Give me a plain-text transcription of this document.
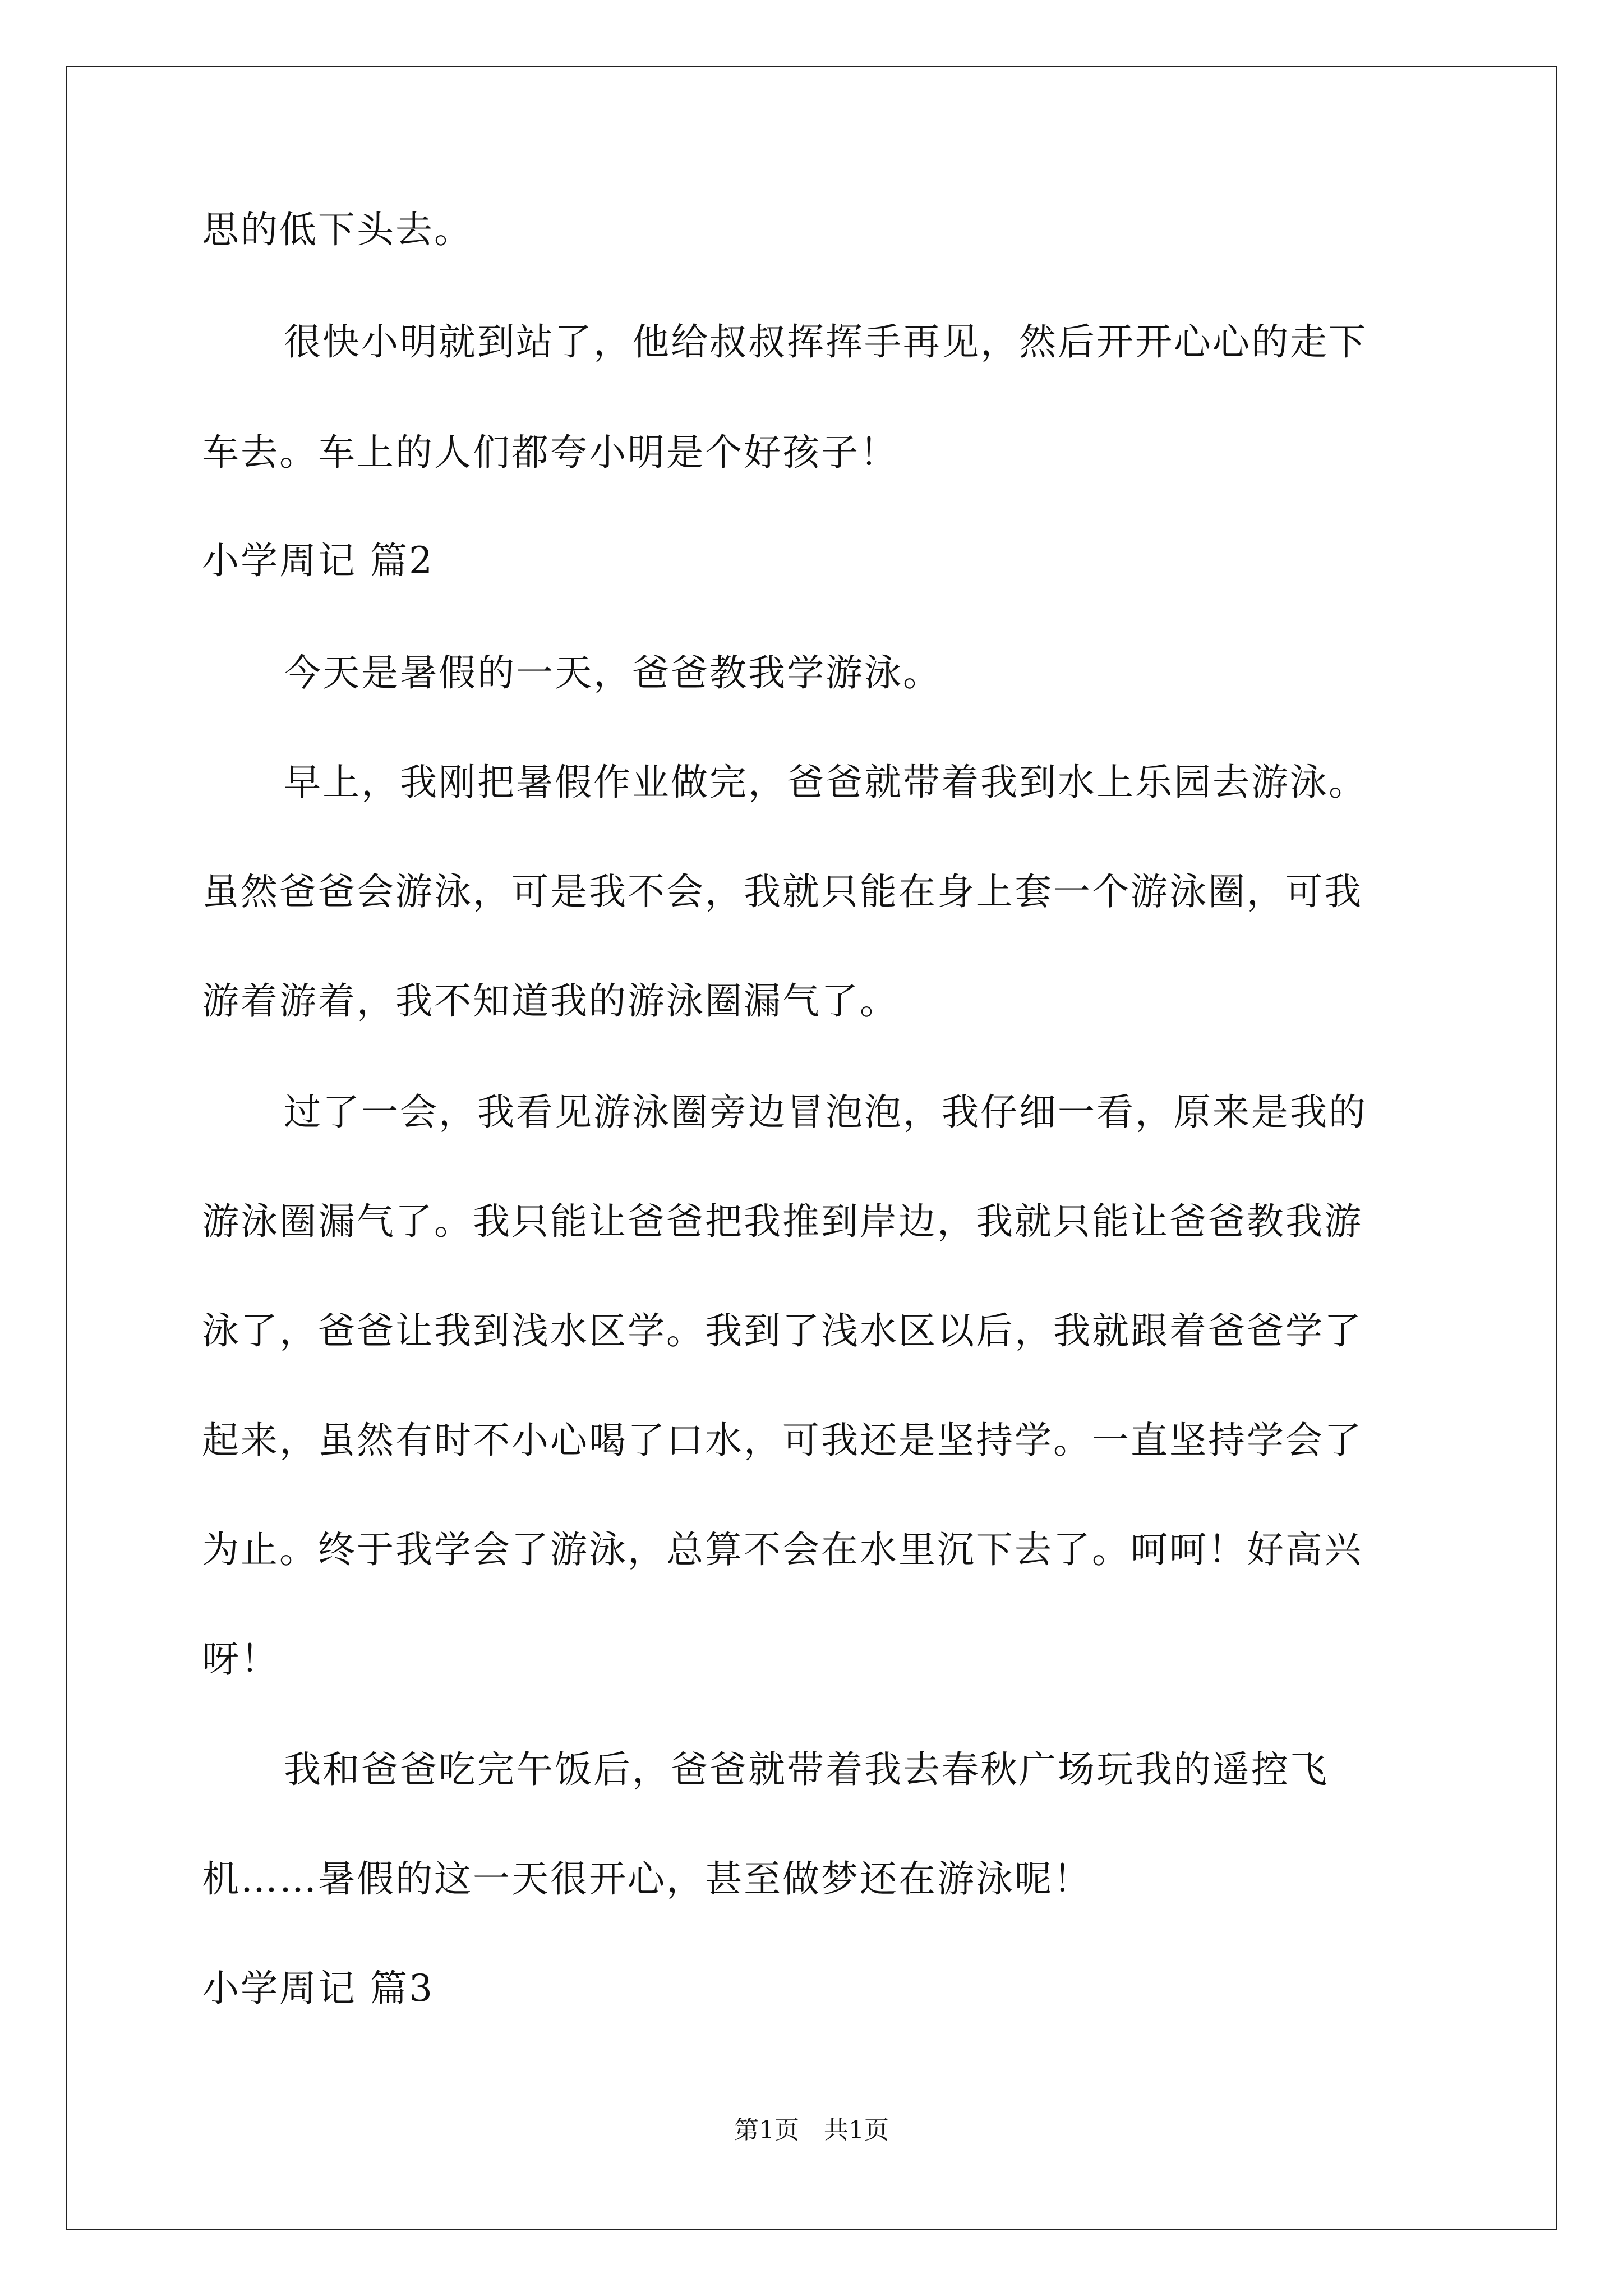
思的低下头去。
很快小明就到站了，他给叔叔挥挥手再见，然后开开心心的走下
车去。车上的人们都夸小明是个好孩子！
小学周记 篇2
今天是暑假的一天，爸爸教我学游泳。
早上，我刚把暑假作业做完，爸爸就带着我到水上乐园去游泳。
虽然爸爸会游泳，可是我不会，我就只能在身上套一个游泳圈，可我
游着游着，我不知道我的游泳圈漏气了。
过了一会，我看见游泳圈旁边冒泡泡，我仔细一看，原来是我的
游泳圈漏气了。我只能让爸爸把我推到岸边，我就只能让爸爸教我游
泳了，爸爸让我到浅水区学。我到了浅水区以后，我就跟着爸爸学了
起来，虽然有时不小心喝了口水，可我还是坚持学。一直坚持学会了
为止。终于我学会了游泳，总算不会在水里沉下去了。呵呵！好高兴
呀！
我和爸爸吃完午饭后，爸爸就带着我去春秋广场玩我的遥控飞
机……暑假的这一天很开心，甚至做梦还在游泳呢！
小学周记 篇3
第1页　共1页
